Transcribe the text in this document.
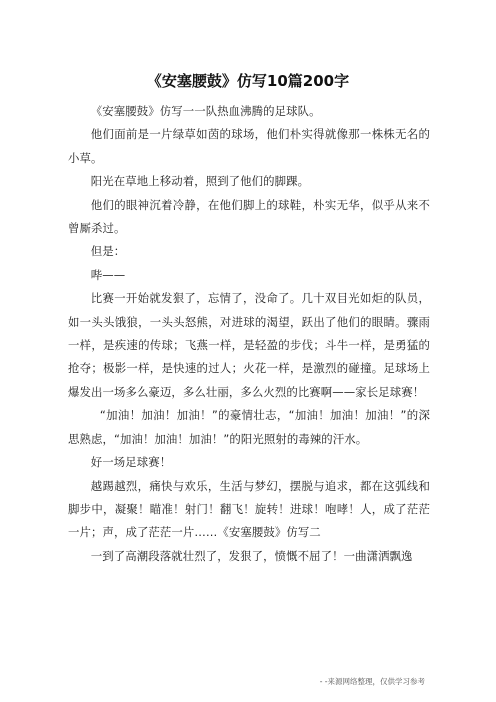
《安塞腰鼓》仿写10篇200字

《安塞腰鼓》仿写一一队热血沸腾的足球队。

他们面前是一片绿草如茵的球场，他们朴实得就像那一株株无名的小草。

阳光在草地上移动着，照到了他们的脚踝。

他们的眼神沉着冷静，在他们脚上的球鞋，朴实无华，似乎从来不曾厮杀过。

但是：

哔——

比赛一开始就发狠了，忘情了，没命了。几十双目光如炬的队员，如一头头饿狼，一头头怒熊，对进球的渴望，跃出了他们的眼睛。骤雨一样，是疾速的传球；飞燕一样，是轻盈的步伐；斗牛一样，是勇猛的抢夺；极影一样，是快速的过人；火花一样，是激烈的碰撞。足球场上爆发出一场多么豪迈，多么壮丽，多么火烈的比赛啊——家长足球赛！

“加油！加油！加油！”的豪情壮志，“加油！加油！加油！”的深思熟虑，“加油！加油！加油！”的阳光照射的毒辣的汗水。

好一场足球赛！

越踢越烈，痛快与欢乐，生活与梦幻，摆脱与追求，都在这弧线和脚步中，凝聚！瞄准！射门！翻飞！旋转！进球！咆哮！人，成了茫茫一片；声，成了茫茫一片……《安塞腰鼓》仿写二

一到了高潮段落就壮烈了，发狠了，愤慨不屈了！一曲潇洒飘逸

- -来源网络整理，仅供学习参考
